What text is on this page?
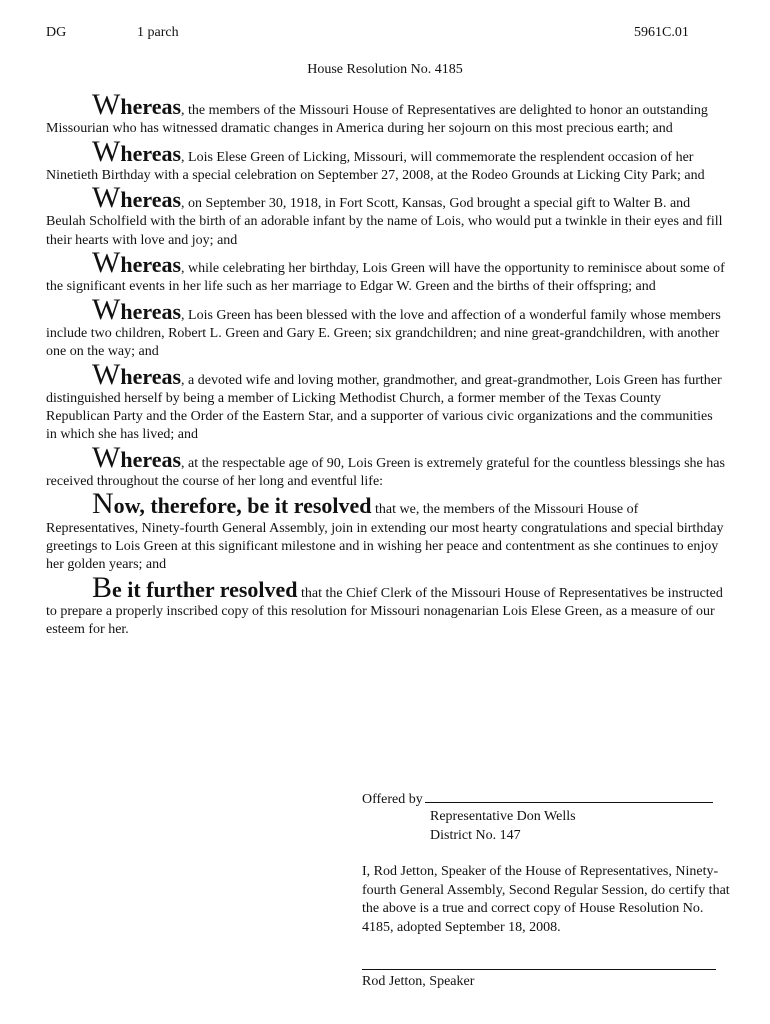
DG	1 parch	5961C.01
House Resolution No. 4185

Whereas, the members of the Missouri House of Representatives are delighted to honor an outstanding Missourian who has witnessed dramatic changes in America during her sojourn on this most precious earth; and

Whereas, Lois Elese Green of Licking, Missouri, will commemorate the resplendent occasion of her Ninetieth Birthday with a special celebration on September 27, 2008, at the Rodeo Grounds at Licking City Park; and

Whereas, on September 30, 1918, in Fort Scott, Kansas, God brought a special gift to Walter B. and Beulah Scholfield with the birth of an adorable infant by the name of Lois, who would put a twinkle in their eyes and fill their hearts with love and joy; and

Whereas, while celebrating her birthday, Lois Green will have the opportunity to reminisce about some of the significant events in her life such as her marriage to Edgar W. Green and the births of their offspring; and

Whereas, Lois Green has been blessed with the love and affection of a wonderful family whose members include two children, Robert L. Green and Gary E. Green; six grandchildren; and nine great-grandchildren, with another one on the way; and

Whereas, a devoted wife and loving mother, grandmother, and great-grandmother, Lois Green has further distinguished herself by being a member of Licking Methodist Church, a former member of the Texas County Republican Party and the Order of the Eastern Star, and a supporter of various civic organizations and the communities in which she has lived; and

Whereas, at the respectable age of 90, Lois Green is extremely grateful for the countless blessings she has received throughout the course of her long and eventful life:

Now, therefore, be it resolved that we, the members of the Missouri House of Representatives, Ninety-fourth General Assembly, join in extending our most hearty congratulations and special birthday greetings to Lois Green at this significant milestone and in wishing her peace and contentment as she continues to enjoy her golden years; and

Be it further resolved that the Chief Clerk of the Missouri House of Representatives be instructed to prepare a properly inscribed copy of this resolution for Missouri nonagenarian Lois Elese Green, as a measure of our esteem for her.

Offered by
Representative Don Wells
District No. 147
I, Rod Jetton, Speaker of the House of Representatives, Ninety-fourth General Assembly, Second Regular Session, do certify that the above is a true and correct copy of House Resolution No. 4185, adopted September 18, 2008.
Rod Jetton, Speaker
